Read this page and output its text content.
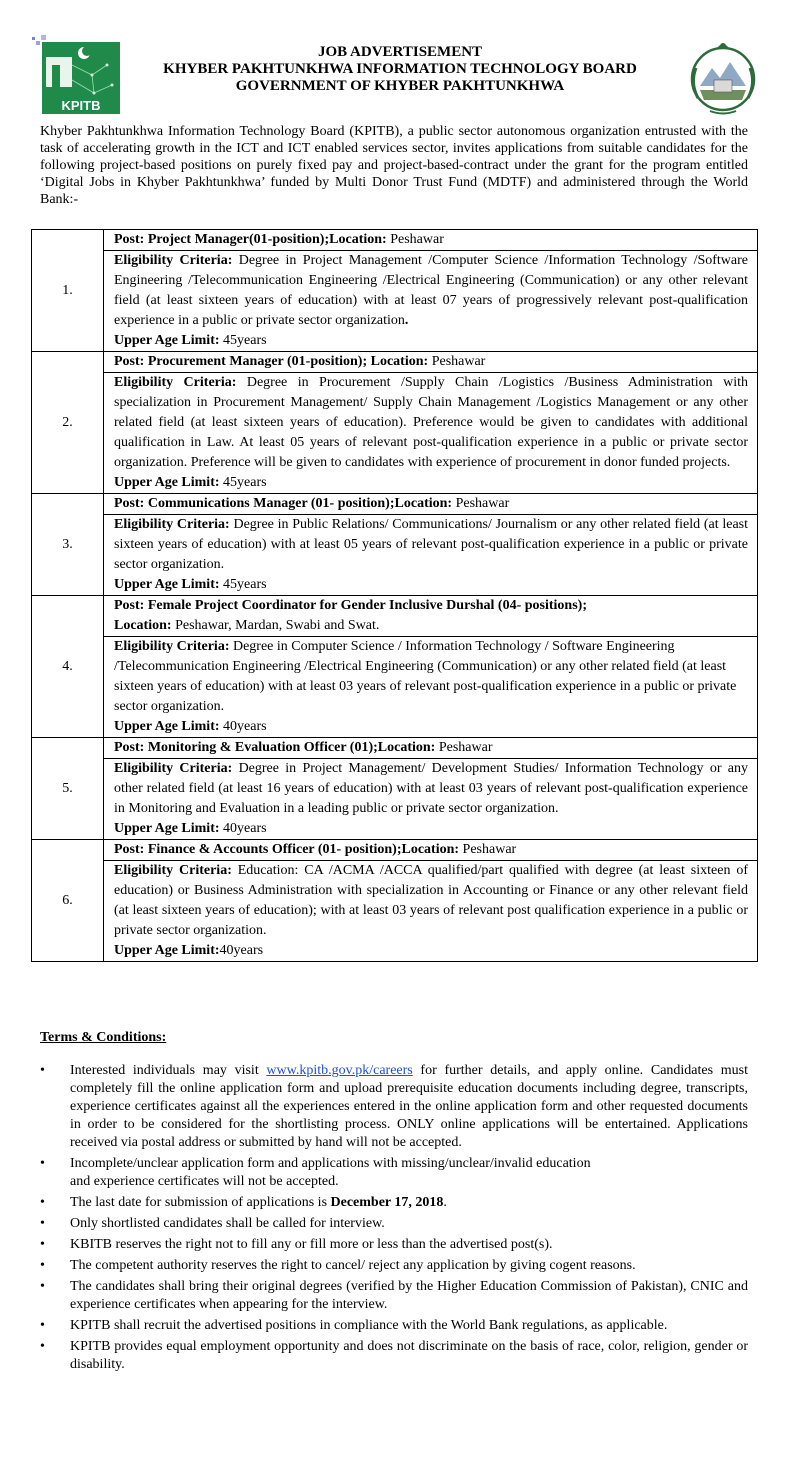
KPITB
JOB ADVERTISEMENT
KHYBER PAKHTUNKHWA INFORMATION TECHNOLOGY BOARD
GOVERNMENT OF KHYBER PAKHTUNKHWA
Khyber Pakhtunkhwa Information Technology Board (KPITB), a public sector autonomous organization entrusted with the task of accelerating growth in the ICT and ICT enabled services sector, invites applications from suitable candidates for the following project-based positions on purely fixed pay and project-based-contract under the grant for the program entitled ‘Digital Jobs in Khyber Pakhtunkhwa’ funded by Multi Donor Trust Fund (MDTF) and administered through the World Bank:-
1.	Post: Project Manager(01-position);Location: Peshawar
Eligibility Criteria: Degree in Project Management /Computer Science /Information Technology /Software Engineering /Telecommunication Engineering /Electrical Engineering (Communication) or any other relevant field (at least sixteen years of education) with at least 07 years of progressively relevant post-qualification experience in a public or private sector organization.
Upper Age Limit: 45years

2.	Post: Procurement Manager (01-position); Location: Peshawar
Eligibility Criteria: Degree in Procurement /Supply Chain /Logistics /Business Administration with specialization in Procurement Management/ Supply Chain Management /Logistics Management or any other related field (at least sixteen years of education). Preference would be given to candidates with additional qualification in Law. At least 05 years of relevant post-qualification experience in a public or private sector organization. Preference will be given to candidates with experience of procurement in donor funded projects.
Upper Age Limit: 45years

3.	Post: Communications Manager (01- position);Location: Peshawar
Eligibility Criteria: Degree in Public Relations/ Communications/ Journalism or any other related field (at least sixteen years of education) with at least 05 years of relevant post-qualification experience in a public or private sector organization.
Upper Age Limit: 45years

4.	Post: Female Project Coordinator for Gender Inclusive Durshal (04- positions);
Location: Peshawar, Mardan, Swabi and Swat.
Eligibility Criteria: Degree in Computer Science / Information Technology / Software Engineering /Telecommunication Engineering /Electrical Engineering (Communication) or any other related field (at least sixteen years of education) with at least 03 years of relevant post-qualification experience in a public or private sector organization.
Upper Age Limit: 40years

5.	Post: Monitoring & Evaluation Officer (01);Location: Peshawar
Eligibility Criteria: Degree in Project Management/ Development Studies/ Information Technology or any other related field (at least 16 years of education) with at least 03 years of relevant post-qualification experience in Monitoring and Evaluation in a leading public or private sector organization.
Upper Age Limit: 40years

6.	Post: Finance & Accounts Officer (01- position);Location: Peshawar
Eligibility Criteria: Education: CA /ACMA /ACCA qualified/part qualified with degree (at least sixteen of education) or Business Administration with specialization in Accounting or Finance or any other relevant field (at least sixteen years of education); with at least 03 years of relevant post qualification experience in a public or private sector organization.
Upper Age Limit:40years
Terms & Conditions:
• Interested individuals may visit www.kpitb.gov.pk/careers for further details, and apply online. Candidates must completely fill the online application form and upload prerequisite education documents including degree, transcripts, experience certificates against all the experiences entered in the online application form and other requested documents in order to be considered for the shortlisting process. ONLY online applications will be entertained. Applications received via postal address or submitted by hand will not be accepted.
• Incomplete/unclear application form and applications with missing/unclear/invalid education
and experience certificates will not be accepted.
• The last date for submission of applications is December 17, 2018.
• Only shortlisted candidates shall be called for interview.
• KBITB reserves the right not to fill any or fill more or less than the advertised post(s).
• The competent authority reserves the right to cancel/ reject any application by giving cogent reasons.
• The candidates shall bring their original degrees (verified by the Higher Education Commission of Pakistan), CNIC and experience certificates when appearing for the interview.
• KPITB shall recruit the advertised positions in compliance with the World Bank regulations, as applicable.
• KPITB provides equal employment opportunity and does not discriminate on the basis of race, color, religion, gender or disability.
